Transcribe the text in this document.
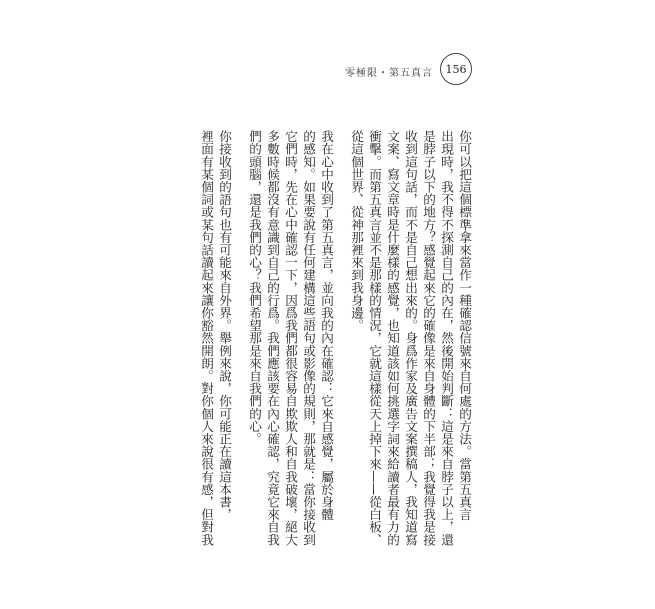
零極限・第五真言	156
你可以把這個標準拿來當作一種確認信號來自何處的方法。當第五真言
出現時，我不得不探測自己的內在，然後開始判斷：這是來自脖子以上，還
是脖子以下的地方？感覺起來它的確像是來自身體的下半部；我覺得我是接
收到這句話，而不是自己想出來的。身爲作家及廣告文案撰稿人，我知道寫
文案、寫文章時是什麼樣的感覺，也知道該如何挑選字詞來給讀者最有力的
衝擊。而第五真言並不是那樣的情況，它就這樣從天上掉下來——從白板、
從這個世界、從神那裡來到我身邊。
我在心中收到了第五真言，並向我的內在確認：它來自感覺，屬於身體
的感知。如果要說有任何建構這些語句或影像的規則，那就是：當你接收到
它們時，先在心中確認一下，因爲我們都很容易自欺欺人和自我破壞，絕大
多數時候都沒有意識到自己的行爲。我們應該要在內心確認，究竟它來自我
們的頭腦，還是我們的心？我們希望那是來自我們的心。
你接收到的語句也有可能來自外界。舉例來說，你可能正在讀這本書，
裡面有某個詞或某句話讀起來讓你豁然開朗。對你個人來說很有感，但對我
